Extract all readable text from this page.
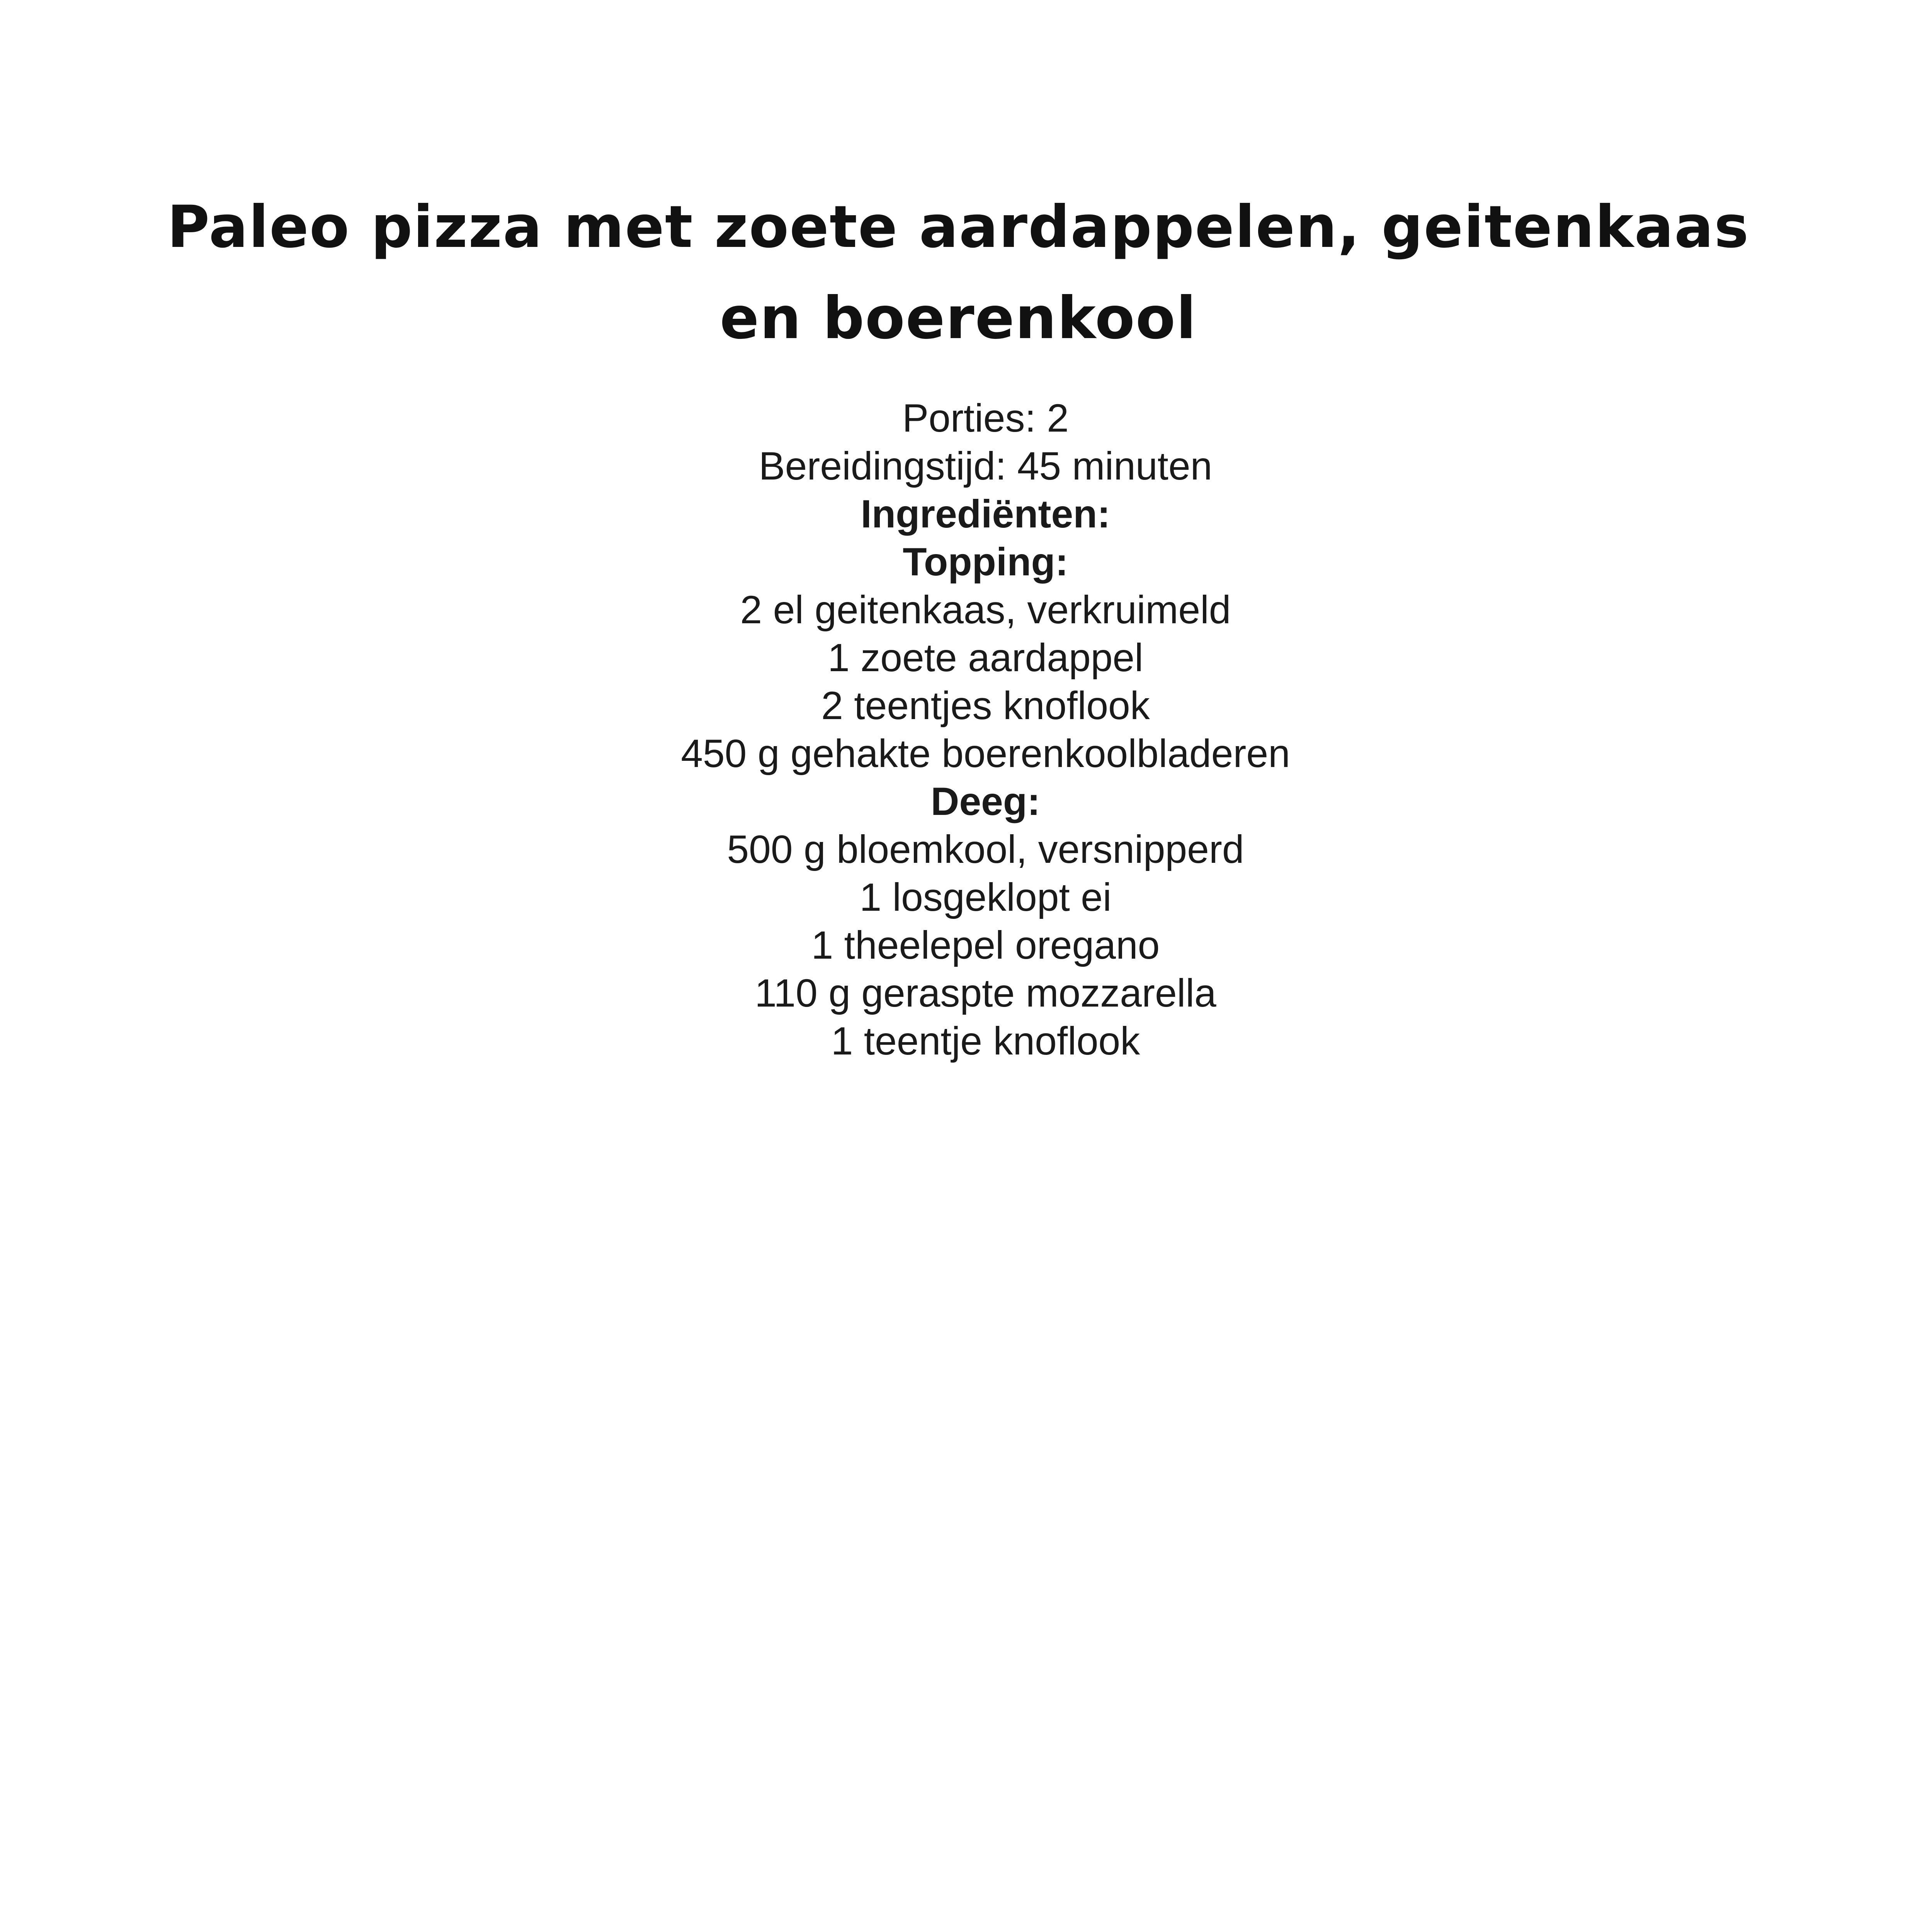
Paleo pizza met zoete aardappelen, geitenkaas en boerenkool

Porties: 2

Bereidingstijd: 45 minuten

Ingrediënten:

Topping:

2 el geitenkaas, verkruimeld

1 zoete aardappel

2 teentjes knoflook

450 g gehakte boerenkoolbladeren

Deeg:

500 g bloemkool, versnipperd

1 losgeklopt ei

1 theelepel oregano

110 g geraspte mozzarella

1 teentje knoflook
